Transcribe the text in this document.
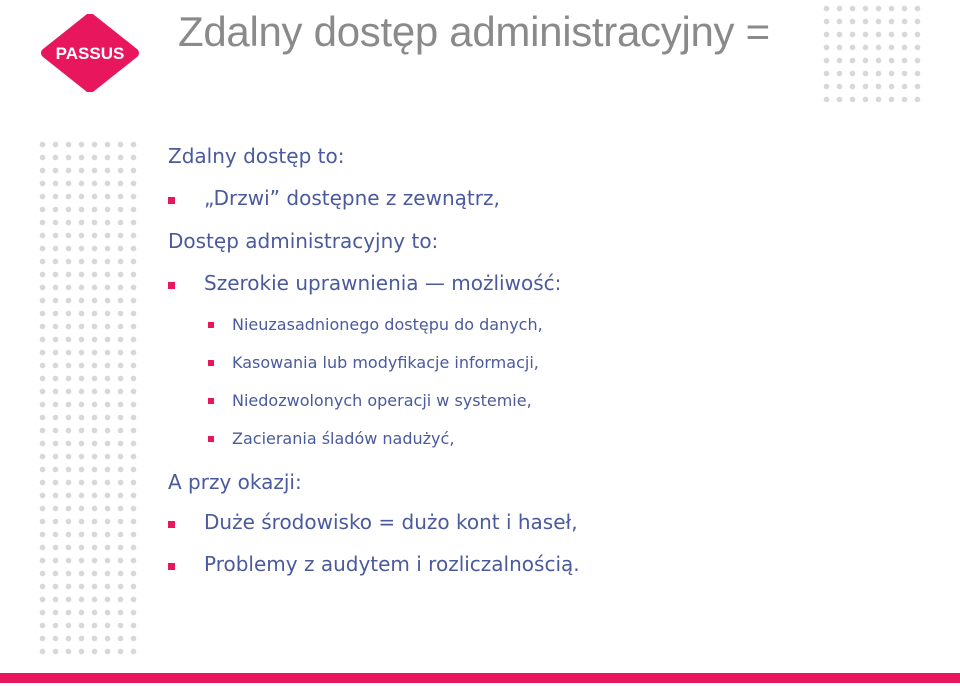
PASSUS Zdalny dostęp administracyjny =
Zdalny dostęp to:
„Drzwi” dostępne z zewnątrz,
Dostęp administracyjny to:
Szerokie uprawnienia — możliwość:
Nieuzasadnionego dostępu do danych,
Kasowania lub modyfikacje informacji,
Niedozwolonych operacji w systemie,
Zacierania śladów nadużyć,
A przy okazji:
Duże środowisko = dużo kont i haseł,
Problemy z audytem i rozliczalnością.
